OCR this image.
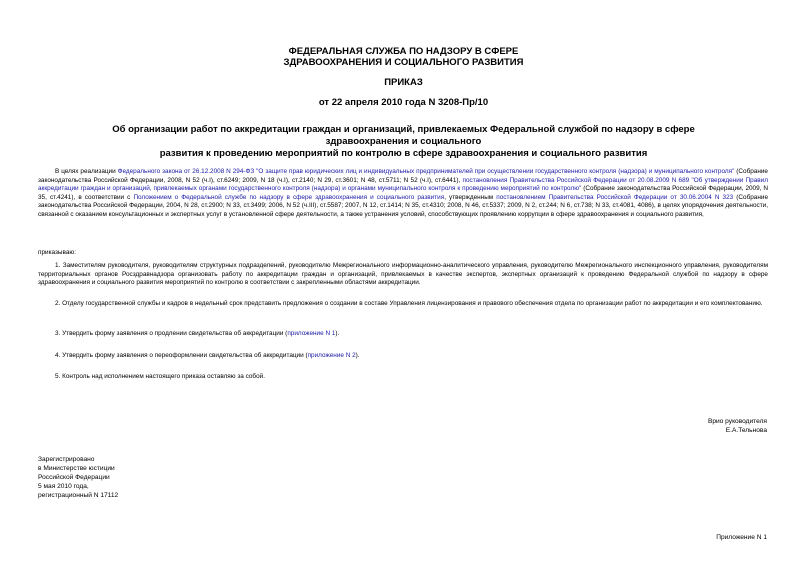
ФЕДЕРАЛЬНАЯ СЛУЖБА ПО НАДЗОРУ В СФЕРЕ
ЗДРАВООХРАНЕНИЯ И СОЦИАЛЬНОГО РАЗВИТИЯ
ПРИКАЗ
от 22 апреля 2010 года N 3208-Пр/10
Об организации работ по аккредитации граждан и организаций, привлекаемых Федеральной службой по надзору в сфере здравоохранения и социального
развития к проведению мероприятий по контролю в сфере здравоохранения и социального развития
В целях реализации Федерального закона от 26.12.2008 N 294-ФЗ "О защите прав юридических лиц и индивидуальных предпринимателей при осуществлении государственного контроля (надзора) и муниципального контроля" (Собрание законодательства Российской Федерации, 2008, N 52 (ч.I), ст.6249; 2009, N 18 (ч.I), ст.2140; N 29, ст.3601; N 48, ст.5711; N 52 (ч.I), ст.6441), постановления Правительства Российской Федерации от 20.08.2009 N 689 "Об утверждении Правил аккредитации граждан и организаций, привлекаемых органами государственного контроля (надзора) и органами муниципального контроля к проведению мероприятий по контролю" (Собрание законодательства Российской Федерации, 2009, N 35, ст.4241), в соответствии с Положением о Федеральной службе по надзору в сфере здравоохранения и социального развития, утвержденным постановлением Правительства Российской Федерации от 30.06.2004 N 323 (Собрание законодательства Российской Федерации, 2004, N 28, ст.2900; N 33, ст.3499; 2006, N 52 (ч.III), ст.5587; 2007, N 12, ст.1414; N 35, ст.4310; 2008, N 46, ст.5337; 2009, N 2, ст.244; N 6, ст.738; N 33, ст.4081, 4086), в целях упорядочения деятельности, связанной с оказанием консультационных и экспертных услуг в установленной сфере деятельности, а также устранения условий, способствующих проявлению коррупции в сфере здравоохранения и социального развития,
приказываю:
1. Заместителям руководителя, руководителям структурных подразделений, руководителю Межрегионального информационно-аналитического управления, руководителю Межрегионального инспекционного управления, руководителям территориальных органов Росздравнадзора организовать работу по аккредитации граждан и организаций, привлекаемых в качестве экспертов, экспертных организаций к проведению Федеральной службой по надзору в сфере здравоохранения и социального развития мероприятий по контролю в соответствии с закрепленными областями аккредитации.
2. Отделу государственной службы и кадров в недельный срок представить предложения о создании в составе Управления лицензирования и правового обеспечения отдела по организации работ по аккредитации и его комплектованию.
3. Утвердить форму заявления о продлении свидетельства об аккредитации (приложение N 1).
4. Утвердить форму заявления о переоформлении свидетельства об аккредитации (приложение N 2).
5. Контроль над исполнением настоящего приказа оставляю за собой.
Врио руководителя
Е.А.Тельнова
Зарегистрировано
в Министерстве юстиции
Российской Федерации
5 мая 2010 года,
регистрационный N 17112
Приложение N 1
